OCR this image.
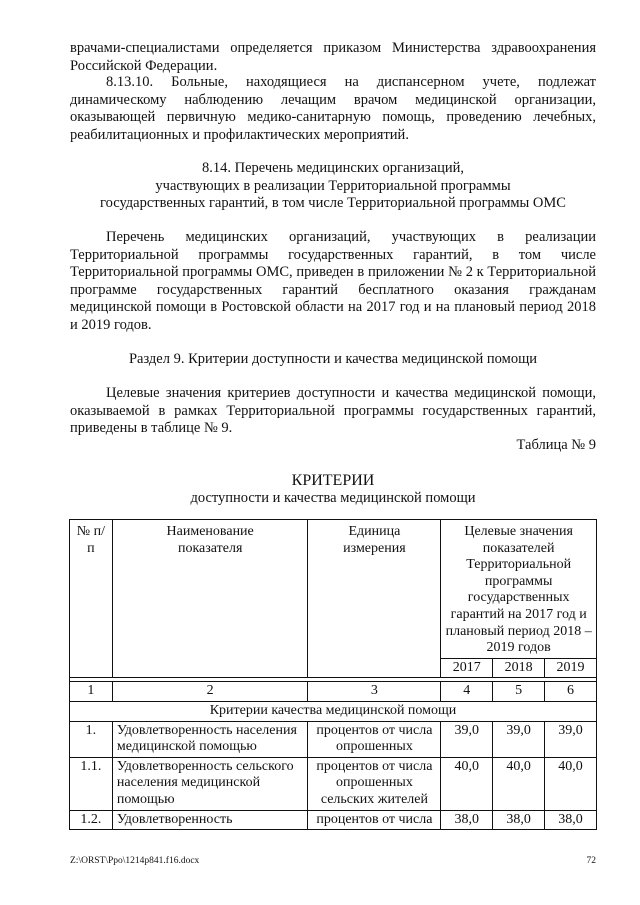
врачами-специалистами определяется приказом Министерства здравоохранения Российской Федерации.

8.13.10. Больные, находящиеся на диспансерном учете, подлежат динамическому наблюдению лечащим врачом медицинской организации, оказывающей первичную медико-санитарную помощь, проведению лечебных, реабилитационных и профилактических мероприятий.

8.14. Перечень медицинских организаций,
участвующих в реализации Территориальной программы
государственных гарантий, в том числе Территориальной программы ОМС

Перечень медицинских организаций, участвующих в реализации Территориальной программы государственных гарантий, в том числе Территориальной программы ОМС, приведен в приложении № 2 к Территориальной программе государственных гарантий бесплатного оказания гражданам медицинской помощи в Ростовской области на 2017 год и на плановый период 2018 и 2019 годов.

Раздел 9. Критерии доступности и качества медицинской помощи

Целевые значения критериев доступности и качества медицинской помощи, оказываемой в рамках Территориальной программы государственных гарантий, приведены в таблице № 9.

Таблица № 9

КРИТЕРИИ

доступности и качества медицинской помощи

№ п/п	Наименование показателя	Единица измерения	Целевые значения показателей Территориальной программы государственных гарантий на 2017 год и плановый период 2018 – 2019 годов		
			2017	2018	2019

1	2	3	4	5	6
Критерии качества медицинской помощи					
1.	Удовлетворенность населения медицинской помощью	процентов от числа опрошенных	39,0	39,0	39,0
1.1.	Удовлетворенность сельского населения медицинской помощью	процентов от числа опрошенных сельских жителей	40,0	40,0	40,0
1.2.	Удовлетворенность	процентов от числа	38,0	38,0	38,0
Z:\ORST\Ppo\1214p841.f16.docx	72
